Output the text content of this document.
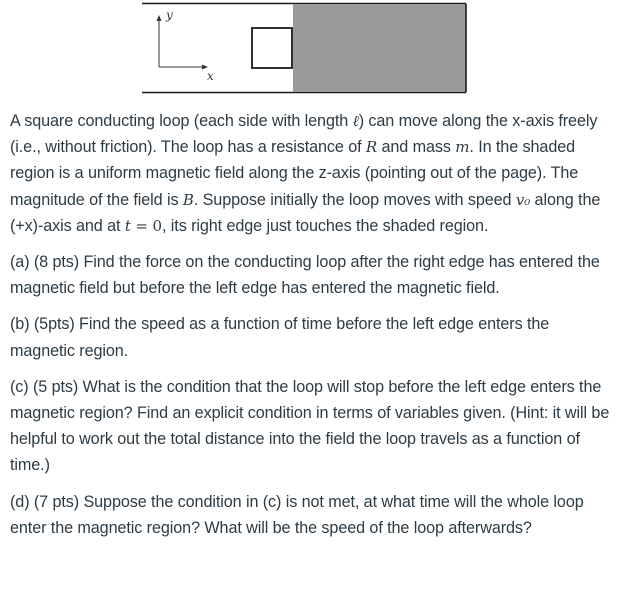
y
x

A square conducting loop (each side with length ℓ) can move along the x-axis freely (i.e., without friction). The loop has a resistance of R and mass m. In the shaded region is a uniform magnetic field along the z-axis (pointing out of the page). The magnitude of the field is B. Suppose initially the loop moves with speed v₀ along the (+x)-axis and at t = 0, its right edge just touches the shaded region.

(a) (8 pts) Find the force on the conducting loop after the right edge has entered the magnetic field but before the left edge has entered the magnetic field.

(b) (5pts) Find the speed as a function of time before the left edge enters the magnetic region.

(c) (5 pts) What is the condition that the loop will stop before the left edge enters the magnetic region? Find an explicit condition in terms of variables given. (Hint: it will be helpful to work out the total distance into the field the loop travels as a function of time.)

(d) (7 pts) Suppose the condition in (c) is not met, at what time will the whole loop enter the magnetic region? What will be the speed of the loop afterwards?
